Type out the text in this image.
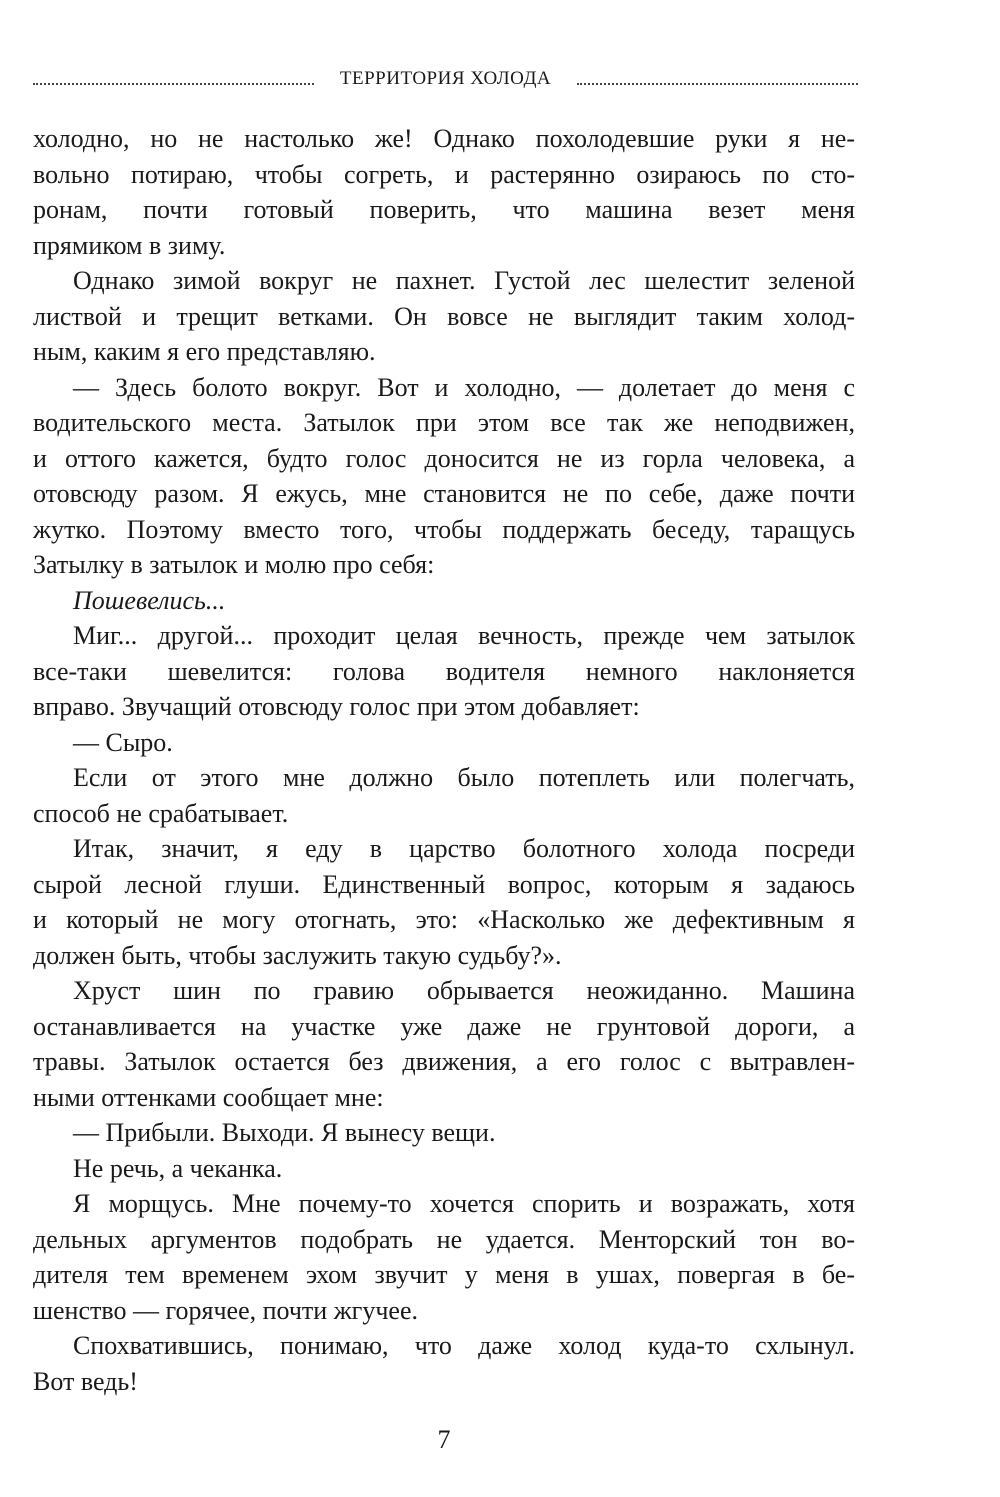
ТЕРРИТОРИЯ ХОЛОДА
холодно, но не настолько же! Однако похолодевшие руки я не-
вольно потираю, чтобы согреть, и растерянно озираюсь по сто-
ронам, почти готовый поверить, что машина везет меня
прямиком в зиму.
Однако зимой вокруг не пахнет. Густой лес шелестит зеленой
листвой и трещит ветками. Он вовсе не выглядит таким холод-
ным, каким я его представляю.
— Здесь болото вокруг. Вот и холодно, — долетает до меня с
водительского места. Затылок при этом все так же неподвижен,
и оттого кажется, будто голос доносится не из горла человека, а
отовсюду разом. Я ежусь, мне становится не по себе, даже почти
жутко. Поэтому вместо того, чтобы поддержать беседу, таращусь
Затылку в затылок и молю про себя:
Пошевелись...
Миг... другой... проходит целая вечность, прежде чем затылок
все-таки шевелится: голова водителя немного наклоняется
вправо. Звучащий отовсюду голос при этом добавляет:
— Сыро.
Если от этого мне должно было потеплеть или полегчать,
способ не срабатывает.
Итак, значит, я еду в царство болотного холода посреди
сырой лесной глуши. Единственный вопрос, которым я задаюсь
и который не могу отогнать, это: «Насколько же дефективным я
должен быть, чтобы заслужить такую судьбу?».
Хруст шин по гравию обрывается неожиданно. Машина
останавливается на участке уже даже не грунтовой дороги, а
травы. Затылок остается без движения, а его голос с вытравлен-
ными оттенками сообщает мне:
— Прибыли. Выходи. Я вынесу вещи.
Не речь, а чеканка.
Я морщусь. Мне почему-то хочется спорить и возражать, хотя
дельных аргументов подобрать не удается. Менторский тон во-
дителя тем временем эхом звучит у меня в ушах, повергая в бе-
шенство — горячее, почти жгучее.
Спохватившись, понимаю, что даже холод куда-то схлынул.
Вот ведь!
7
